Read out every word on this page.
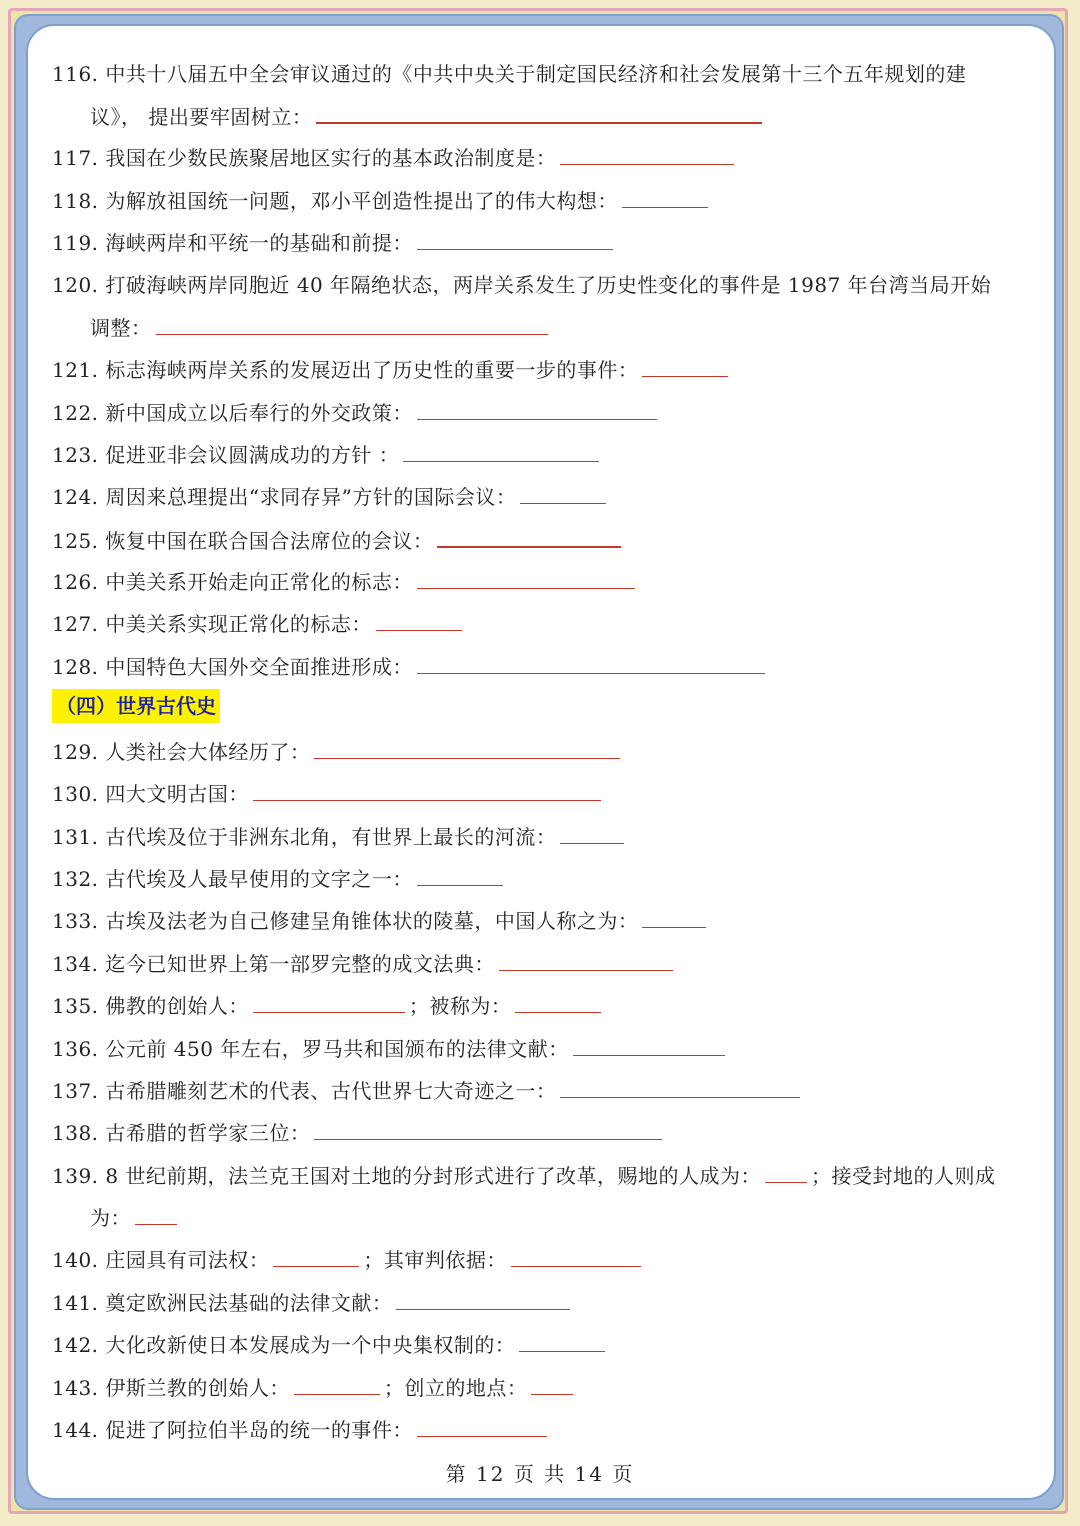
116. 中共十八届五中全会审议通过的《中共中央关于制定国民经济和社会发展第十三个五年规划的建
议》， 提出要牢固树立：
117. 我国在少数民族聚居地区实行的基本政治制度是：
118. 为解放祖国统一问题，邓小平创造性提出了的伟大构想：
119. 海峡两岸和平统一的基础和前提：
120. 打破海峡两岸同胞近 40 年隔绝状态，两岸关系发生了历史性变化的事件是 1987 年台湾当局开始
调整：
121. 标志海峡两岸关系的发展迈出了历史性的重要一步的事件：
122. 新中国成立以后奉行的外交政策：
123. 促进亚非会议圆满成功的方针 ：
124. 周因来总理提出“求同存异”方针的国际会议：
125. 恢复中国在联合国合法席位的会议：
126. 中美关系开始走向正常化的标志：
127. 中美关系实现正常化的标志：
128. 中国特色大国外交全面推进形成：
（四）世界古代史
129. 人类社会大体经历了：
130. 四大文明古国：
131. 古代埃及位于非洲东北角，有世界上最长的河流：
132. 古代埃及人最早使用的文字之一：
133. 古埃及法老为自己修建呈角锥体状的陵墓，中国人称之为：
134. 迄今已知世界上第一部罗完整的成文法典：
135. 佛教的创始人：	；被称为：
136. 公元前 450 年左右，罗马共和国颁布的法律文献：
137. 古希腊雕刻艺术的代表、古代世界七大奇迹之一：
138. 古希腊的哲学家三位：
139. 8 世纪前期，法兰克王国对土地的分封形式进行了改革，赐地的人成为：	；接受封地的人则成
为：
140. 庄园具有司法权：	；其审判依据：
141. 奠定欧洲民法基础的法律文献：
142. 大化改新使日本发展成为一个中央集权制的：
143. 伊斯兰教的创始人：	；创立的地点：
144. 促进了阿拉伯半岛的统一的事件：
第 12 页 共 14 页
